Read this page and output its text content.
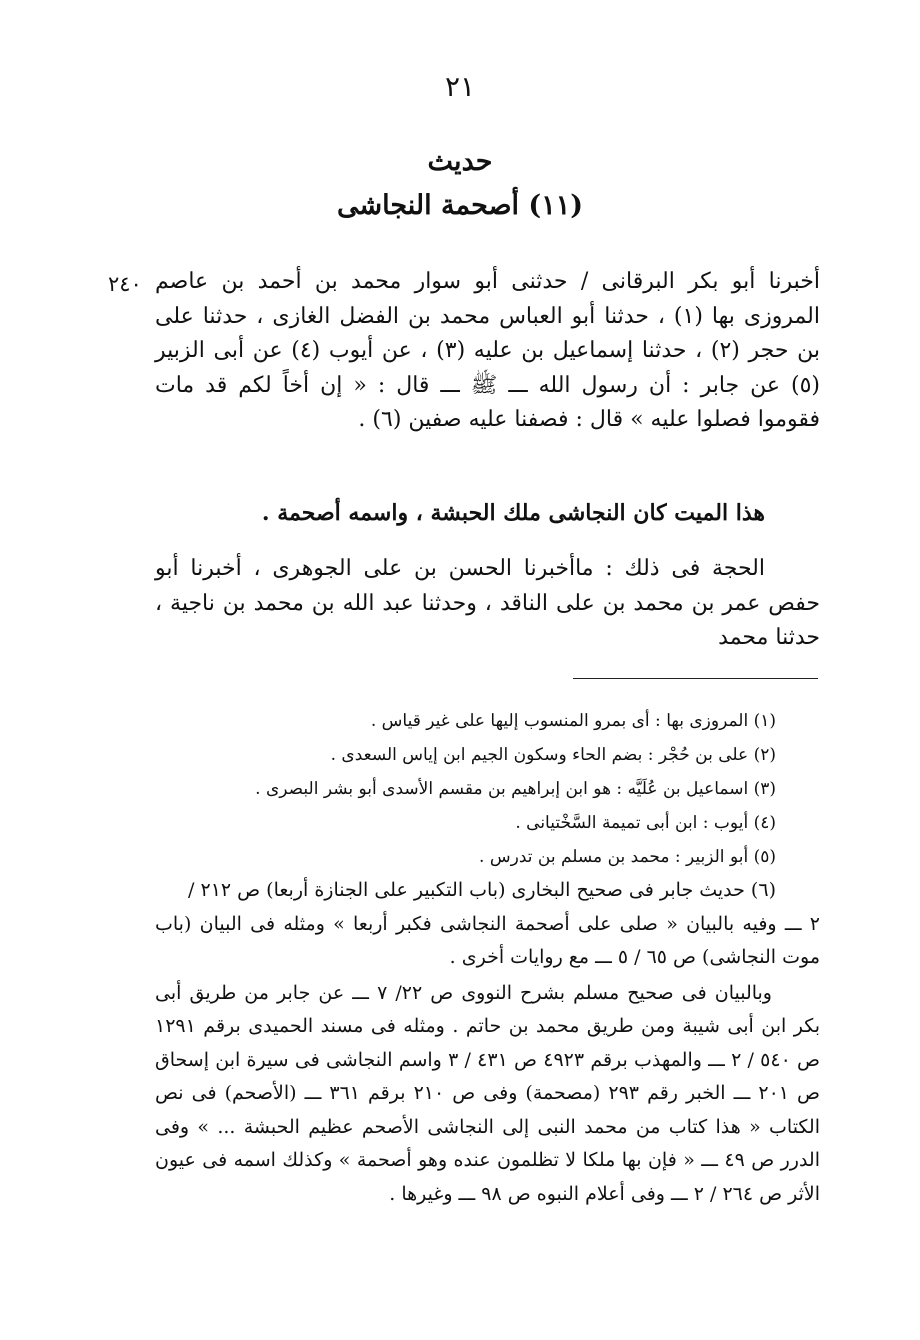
٢١
حديث
(١١) أصحمة النجاشى
٢٤٠ أخبرنا أبو بكر البرقانى / حدثنى أبو سوار محمد بن أحمد بن عاصم المروزى بها (١) ، حدثنا أبو العباس محمد بن الفضل الغازى ، حدثنا على بن حجر (٢) ، حدثنا إسماعيل بن عليه (٣) ، عن أيوب (٤) عن أبى الزبير (٥) عن جابر : أن رسول الله ـــ ﷺ ـــ قال : « إن أخاً لكم قد مات فقوموا فصلوا عليه » قال : فصفنا عليه صفين (٦) .

هذا الميت كان النجاشى ملك الحبشة ، واسمه أصحمة .

الحجة فى ذلك : ماأخبرنا الحسن بن على الجوهرى ، أخبرنا أبو حفص عمر بن محمد بن على الناقد ، وحدثنا عبد الله بن محمد بن ناجية ، حدثنا محمد

(١) المروزى بها : أى بمرو المنسوب إليها على غير قياس .

(٢) على بن حُجْر : بضم الحاء وسكون الجيم ابن إياس السعدى .

(٣) اسماعيل بن عُلَيَّه : هو ابن إبراهيم بن مقسم الأسدى أبو بشر البصرى .

(٤) أيوب : ابن أبى تميمة السَّخْتيانى .

(٥) أبو الزبير : محمد بن مسلم بن تدرس .

(٦) حديث جابر فى صحيح البخارى (باب التكبير على الجنازة أربعا) ص ٢١٢ /

٢ ـــ وفيه بالبيان « صلى على أصحمة النجاشى فكبر أربعا » ومثله فى البيان (باب موت النجاشى) ص ٦٥ / ٥ ـــ مع روايات أخرى .

وبالبيان فى صحيح مسلم بشرح النووى ص ٢٢/ ٧ ـــ عن جابر من طريق أبى بكر ابن أبى شيبة ومن طريق محمد بن حاتم . ومثله فى مسند الحميدى برقم ١٢٩١ ص ٥٤٠ / ٢ ـــ والمهذب برقم ٤٩٢٣ ص ٤٣١ / ٣ واسم النجاشى فى سيرة ابن إسحاق ص ٢٠١ ـــ الخبر رقم ٢٩٣ (مصحمة) وفى ص ٢١٠ برقم ٣٦١ ـــ (الأصحم) فى نص الكتاب « هذا كتاب من محمد النبى إلى النجاشى الأصحم عظيم الحبشة ... » وفى الدرر ص ٤٩ ـــ « فإن بها ملكا لا تظلمون عنده وهو أصحمة » وكذلك اسمه فى عيون الأثر ص ٢٦٤ / ٢ ـــ وفى أعلام النبوه ص ٩٨ ـــ وغيرها .
